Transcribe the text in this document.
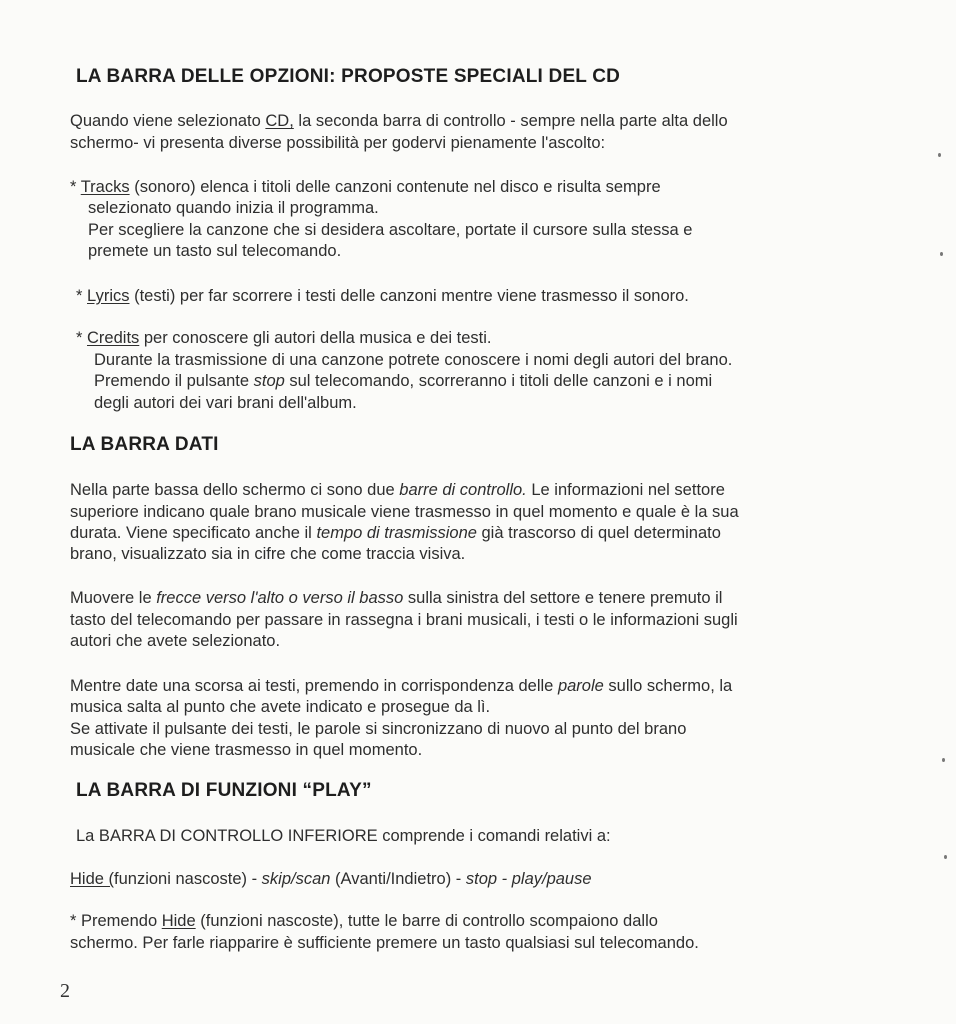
LA BARRA DELLE OPZIONI: PROPOSTE SPECIALI DEL CD
Quando viene selezionato CD, la seconda barra di controllo - sempre nella parte alta dello
schermo- vi presenta diverse possibilità per godervi pienamente l'ascolto:
* Tracks (sonoro) elenca i titoli delle canzoni contenute nel disco e risulta sempre
selezionato quando inizia il programma.
Per scegliere la canzone che si desidera ascoltare, portate il cursore sulla stessa e
premete un tasto sul telecomando.
* Lyrics (testi) per far scorrere i testi delle canzoni mentre viene trasmesso il sonoro.
* Credits per conoscere gli autori della musica e dei testi.
Durante la trasmissione di una canzone potrete conoscere i nomi degli autori del brano.
Premendo il pulsante stop sul telecomando, scorreranno i titoli delle canzoni e i nomi
degli autori dei vari brani dell'album.
LA BARRA DATI
Nella parte bassa dello schermo ci sono due barre di controllo. Le informazioni nel settore
superiore indicano quale brano musicale viene trasmesso in quel momento e quale è la sua
durata. Viene specificato anche il tempo di trasmissione già trascorso di quel determinato
brano, visualizzato sia in cifre che come traccia visiva.
Muovere le frecce verso l'alto o verso il basso sulla sinistra del settore e tenere premuto il
tasto del telecomando per passare in rassegna i brani musicali, i testi o le informazioni sugli
autori che avete selezionato.
Mentre date una scorsa ai testi, premendo in corrispondenza delle parole sullo schermo, la
musica salta al punto che avete indicato e prosegue da lì.
Se attivate il pulsante dei testi, le parole si sincronizzano di nuovo al punto del brano
musicale che viene trasmesso in quel momento.
LA BARRA DI FUNZIONI “PLAY”
La BARRA DI CONTROLLO INFERIORE comprende i comandi relativi a:
Hide (funzioni nascoste) - skip/scan (Avanti/Indietro) - stop - play/pause
* Premendo Hide (funzioni nascoste), tutte le barre di controllo scompaiono dallo
schermo. Per farle riapparire è sufficiente premere un tasto qualsiasi sul telecomando.
2
